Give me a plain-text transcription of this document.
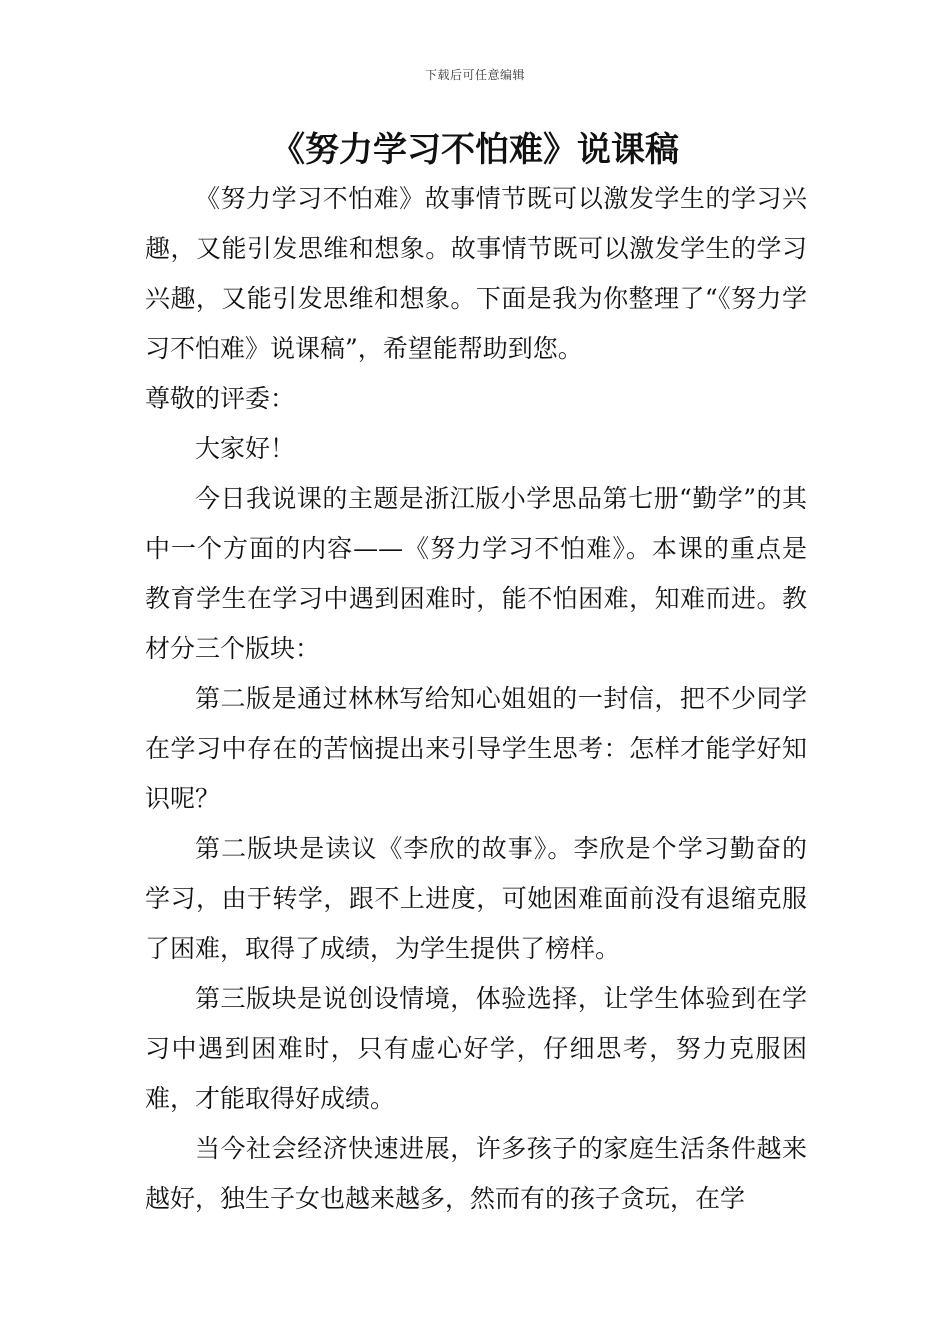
下载后可任意编辑
《努力学习不怕难》说课稿

《努力学习不怕难》故事情节既可以激发学生的学习兴趣，又能引发思维和想象。故事情节既可以激发学生的学习兴趣，又能引发思维和想象。下面是我为你整理了“《努力学习不怕难》说课稿”，希望能帮助到您。

尊敬的评委：

大家好！

今日我说课的主题是浙江版小学思品第七册“勤学”的其中一个方面的内容——《努力学习不怕难》。本课的重点是教育学生在学习中遇到困难时，能不怕困难，知难而进。教材分三个版块：

第二版是通过林林写给知心姐姐的一封信，把不少同学在学习中存在的苦恼提出来引导学生思考：怎样才能学好知识呢？

第二版块是读议《李欣的故事》。李欣是个学习勤奋的学习，由于转学，跟不上进度，可她困难面前没有退缩克服了困难，取得了成绩，为学生提供了榜样。

第三版块是说创设情境，体验选择，让学生体验到在学习中遇到困难时，只有虚心好学，仔细思考，努力克服困难，才能取得好成绩。

当今社会经济快速进展，许多孩子的家庭生活条件越来越好，独生子女也越来越多，然而有的孩子贪玩，在学
